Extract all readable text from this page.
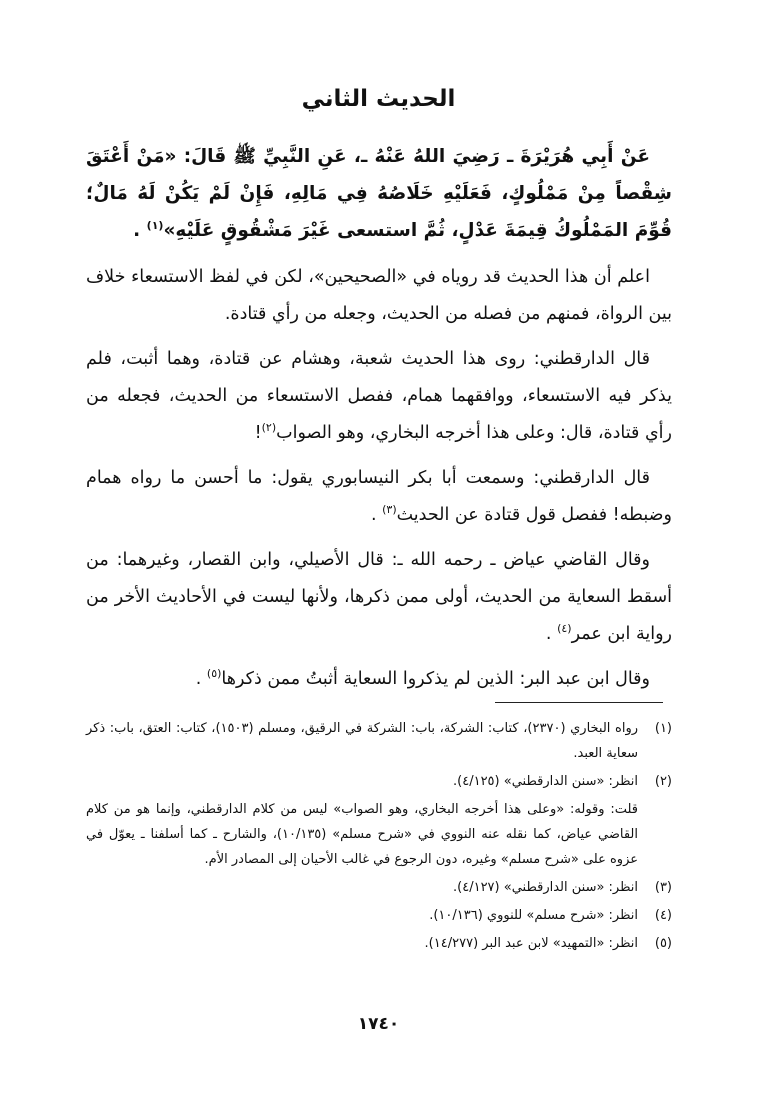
الحديث الثاني

عَنْ أَبِي هُرَيْرَةَ ـ رَضِيَ اللهُ عَنْهُ ـ، عَنِ النَّبِيِّ ﷺ قَالَ: «مَنْ أَعْتَقَ شِقْصاً مِنْ مَمْلُوكٍ، فَعَلَيْهِ خَلَاصُهُ فِي مَالِهِ، فَإِنْ لَمْ يَكُنْ لَهُ مَالٌ؛ قُوِّمَ المَمْلُوكُ قِيمَةَ عَدْلٍ، ثُمَّ استسعى غَيْرَ مَشْقُوقٍ عَلَيْهِ»$^{(١)}$ .

اعلم أن هذا الحديث قد روياه في «الصحيحين»، لكن في لفظ الاستسعاء خلاف بين الرواة، فمنهم من فصله من الحديث، وجعله من رأي قتادة.

قال الدارقطني: روى هذا الحديث شعبة، وهشام عن قتادة، وهما أثبت، فلم يذكر فيه الاستسعاء، ووافقهما همام، ففصل الاستسعاء من الحديث، فجعله من رأي قتادة، قال: وعلى هذا أخرجه البخاري، وهو الصواب$^{(٢)}$!

قال الدارقطني: وسمعت أبا بكر النيسابوري يقول: ما أحسن ما رواه همام وضبطه! ففصل قول قتادة عن الحديث$^{(٣)}$ .

وقال القاضي عياض ـ رحمه الله ـ: قال الأصيلي، وابن القصار، وغيرهما: من أسقط السعاية من الحديث، أولى ممن ذكرها، ولأنها ليست في الأحاديث الأخر من رواية ابن عمر$^{(٤)}$ .

وقال ابن عبد البر: الذين لم يذكروا السعاية أثبتُ ممن ذكرها$^{(٥)}$ .

(١)
رواه البخاري (٢٣٧٠)، كتاب: الشركة، باب: الشركة في الرقيق، ومسلم (١٥٠٣)، كتاب: العتق، باب: ذكر سعاية العبد.
(٢)
انظر: «سنن الدارقطني» (٤/١٢٥).
قلت: وقوله: «وعلى هذا أخرجه البخاري، وهو الصواب» ليس من كلام الدارقطني، وإنما هو من كلام القاضي عياض، كما نقله عنه النووي في «شرح مسلم» (١٠/١٣٥)، والشارح ـ كما أسلفنا ـ يعوّل في عزوه على «شرح مسلم» وغيره، دون الرجوع في غالب الأحيان إلى المصادر الأم.
(٣)
انظر: «سنن الدارقطني» (٤/١٢٧).
(٤)
انظر: «شرح مسلم» للنووي (١٠/١٣٦).
(٥)
انظر: «التمهيد» لابن عبد البر (١٤/٢٧٧).
١٧٤٠
